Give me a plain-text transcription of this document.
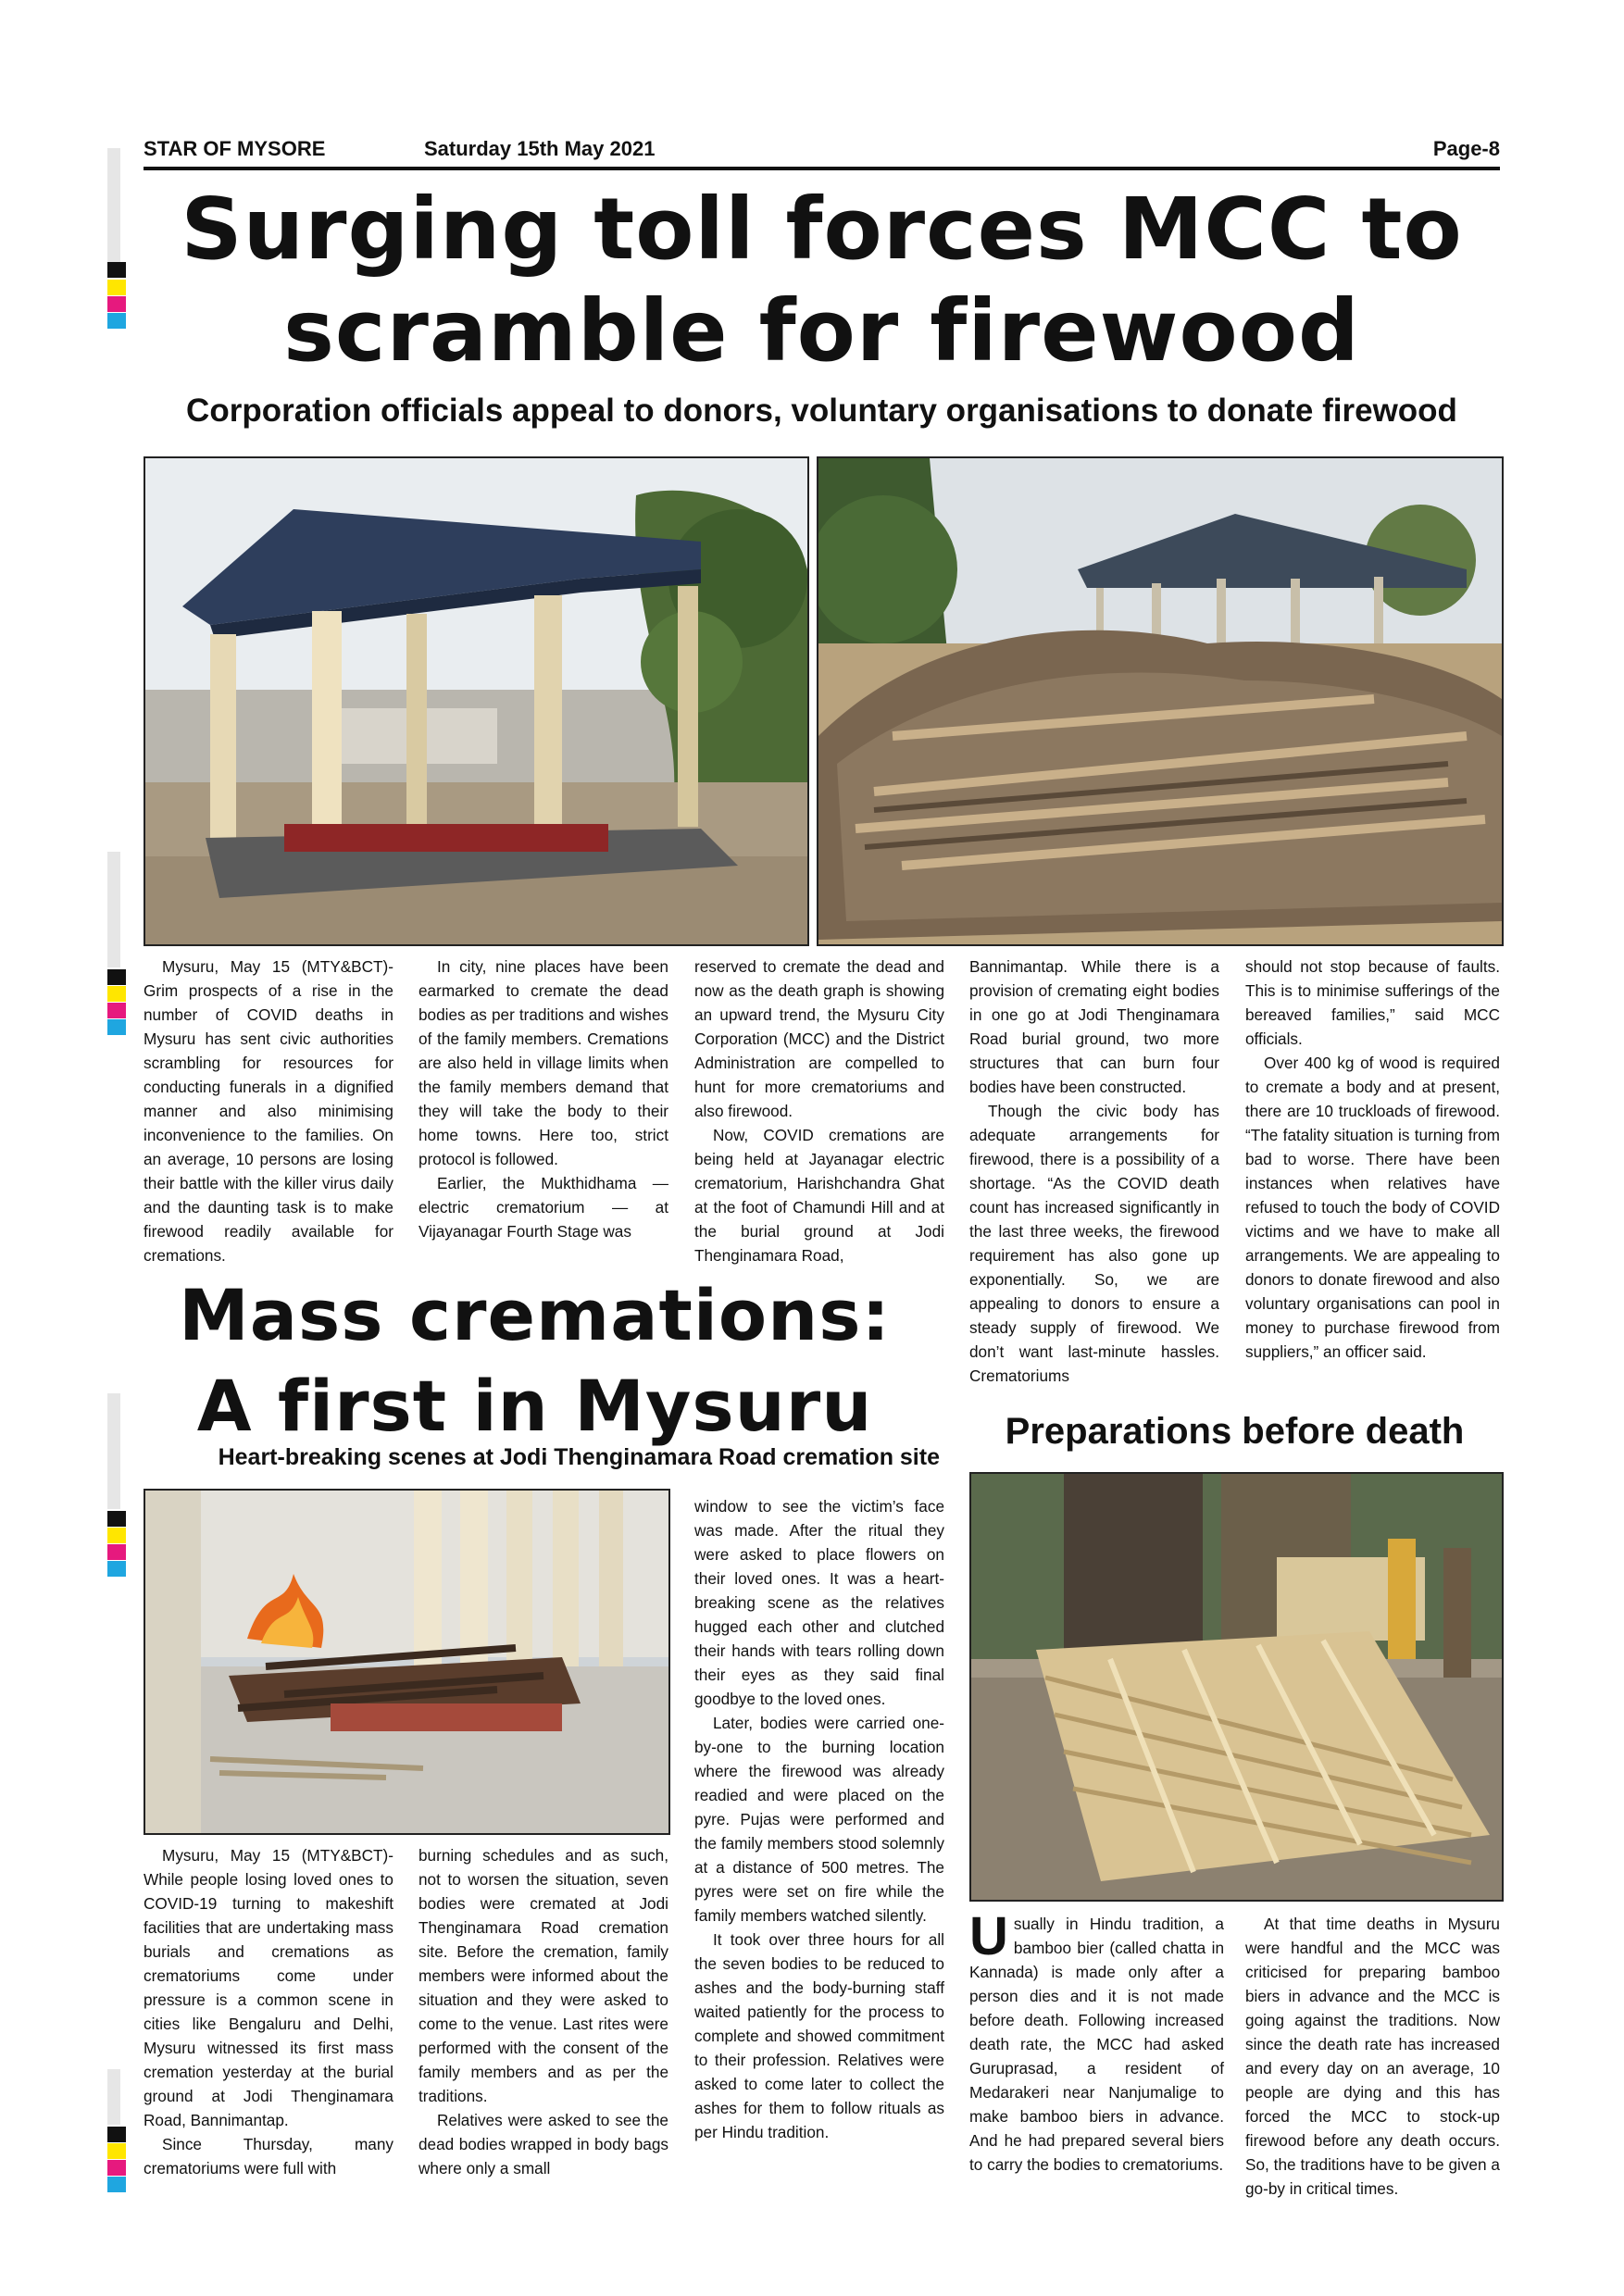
STAR OF MYSORE	Saturday 15th May 2021	Page-8
Surging toll forces MCC to
scramble for firewood
Corporation officials appeal to donors, voluntary organisations to donate firewood

Mysuru, May 15 (MTY&BCT)- Grim prospects of a rise in the number of COVID deaths in Mysuru has sent civic authorities scrambling for resources for conducting funerals in a dignified manner and also minimising inconvenience to the families. On an average, 10 persons are losing their battle with the killer virus daily and the daunting task is to make firewood readily available for cremations.

In city, nine places have been earmarked to cremate the dead bodies as per traditions and wishes of the family members. Cremations are also held in village limits when the family members demand that they will take the body to their home towns. Here too, strict protocol is followed.

Earlier, the Mukthidhama — electric crematorium — at Vijayanagar Fourth Stage was

reserved to cremate the dead and now as the death graph is showing an upward trend, the Mysuru City Corporation (MCC) and the District Administration are compelled to hunt for more crematoriums and also firewood.

Now, COVID cremations are being held at Jayanagar electric crematorium, Harishchandra Ghat at the foot of Chamundi Hill and at the burial ground at Jodi Thenginamara Road,

Bannimantap. While there is a provision of cremating eight bodies in one go at Jodi Thenginamara Road burial ground, two more structures that can burn four bodies have been constructed.

Though the civic body has adequate arrangements for firewood, there is a possibility of a shortage. “As the COVID death count has increased significantly in the last three weeks, the firewood requirement has also gone up exponentially. So, we are appealing to donors to ensure a steady supply of firewood. We don’t want last-minute hassles. Crematoriums

should not stop because of faults. This is to minimise sufferings of the bereaved families,” said MCC officials.

Over 400 kg of wood is required to cremate a body and at present, there are 10 truckloads of firewood. “The fatality situation is turning from bad to worse. There have been instances when relatives have refused to touch the body of COVID victims and we have to make all arrangements. We are appealing to donors to donate firewood and also voluntary organisations can pool in money to purchase firewood from suppliers,” an officer said.

Mass cremations:
A first in Mysuru
Heart-breaking scenes at Jodi Thenginamara Road cremation site
Preparations before death

Mysuru, May 15 (MTY&BCT)- While people losing loved ones to COVID-19 turning to makeshift facilities that are undertaking mass burials and cremations as crematoriums come under pressure is a common scene in cities like Bengaluru and Delhi, Mysuru witnessed its first mass cremation yesterday at the burial ground at Jodi Thenginamara Road, Bannimantap.

Since Thursday, many crematoriums were full with

burning schedules and as such, not to worsen the situation, seven bodies were cremated at Jodi Thenginamara Road cremation site. Before the cremation, family members were informed about the situation and they were asked to come to the venue. Last rites were performed with the consent of the family members and as per the traditions.

Relatives were asked to see the dead bodies wrapped in body bags where only a small

window to see the victim’s face was made. After the ritual they were asked to place flowers on their loved ones. It was a heart-breaking scene as the relatives hugged each other and clutched their hands with tears rolling down their eyes as they said final goodbye to the loved ones.

Later, bodies were carried one-by-one to the burning location where the firewood was already readied and were placed on the pyre. Pujas were performed and the family members stood solemnly at a distance of 500 metres. The pyres were set on fire while the family members watched silently.

It took over three hours for all the seven bodies to be reduced to ashes and the body-burning staff waited patiently for the process to complete and showed commitment to their profession. Relatives were asked to come later to collect the ashes for them to follow rituals as per Hindu tradition.

Usually in Hindu tradition, a bamboo bier (called chatta in Kannada) is made only after a person dies and it is not made before death. Following increased death rate, the MCC had asked Guruprasad, a resident of Medarakeri near Nanjumalige to make bamboo biers in advance. And he had prepared several biers to carry the bodies to crematoriums.

At that time deaths in Mysuru were handful and the MCC was criticised for preparing bamboo biers in advance and the MCC is going against the traditions. Now since the death rate has increased and every day on an average, 10 people are dying and this has forced the MCC to stock-up firewood before any death occurs. So, the traditions have to be given a go-by in critical times.
